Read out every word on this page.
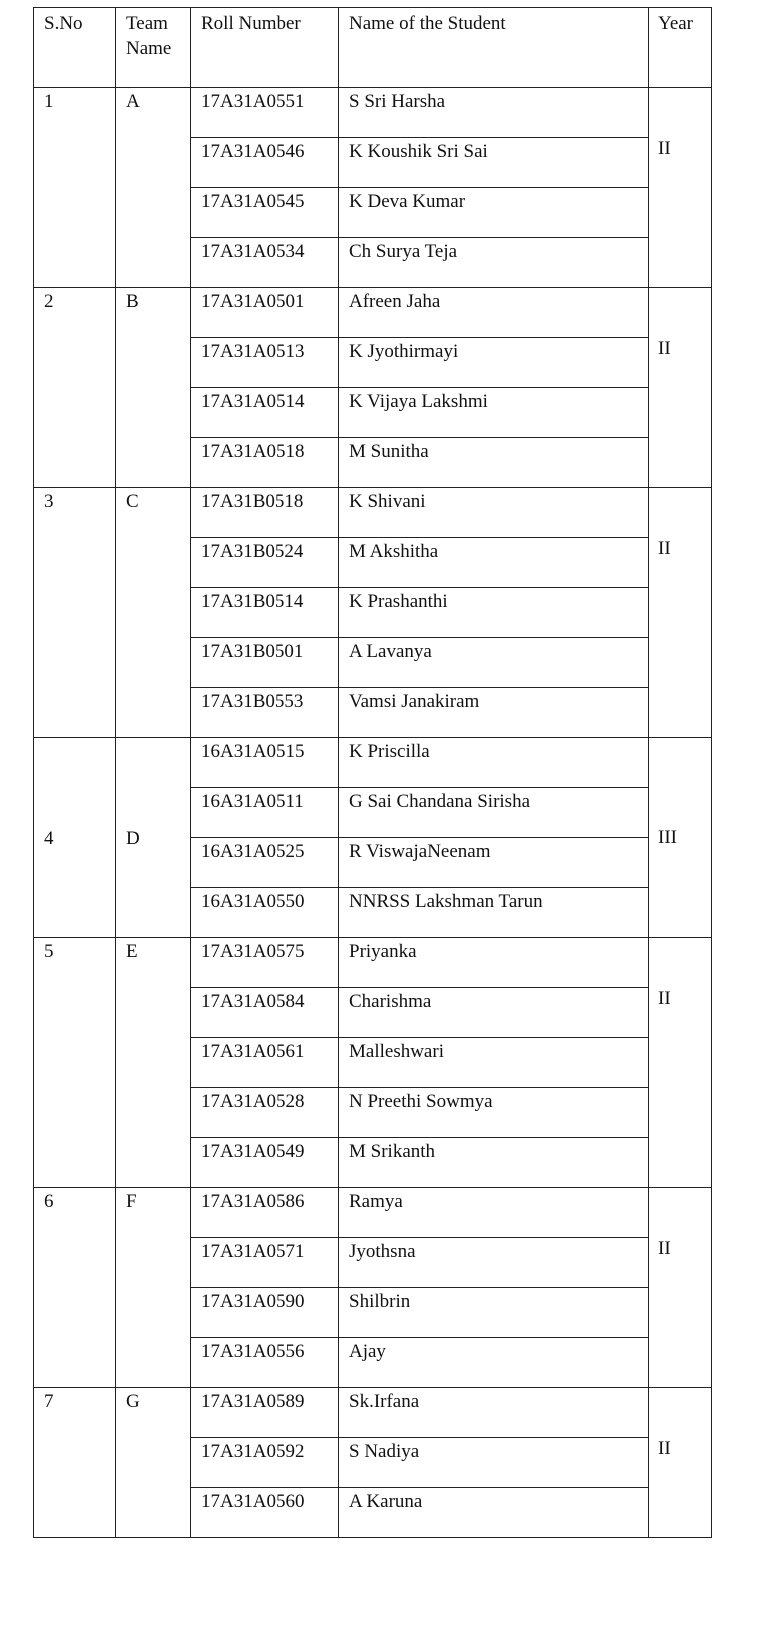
S.No	Team Name	Roll Number	Name of the Student	Year
1	A	17A31A0551	S Sri Harsha	II
		17A31A0546	K Koushik Sri Sai	
		17A31A0545	K Deva Kumar	
		17A31A0534	Ch Surya Teja	
2	B	17A31A0501	Afreen Jaha	II
		17A31A0513	K Jyothirmayi	
		17A31A0514	K Vijaya Lakshmi	
		17A31A0518	M Sunitha	
3	C	17A31B0518	K Shivani	II
		17A31B0524	M Akshitha	
		17A31B0514	K Prashanthi	
		17A31B0501	A Lavanya	
		17A31B0553	Vamsi Janakiram	
4	D	16A31A0515	K Priscilla	III
		16A31A0511	G Sai Chandana Sirisha	
		16A31A0525	R ViswajaNeenam	
		16A31A0550	NNRSS Lakshman Tarun	
5	E	17A31A0575	Priyanka	II
		17A31A0584	Charishma	
		17A31A0561	Malleshwari	
		17A31A0528	N Preethi Sowmya	
		17A31A0549	M Srikanth	
6	F	17A31A0586	Ramya	II
		17A31A0571	Jyothsna	
		17A31A0590	Shilbrin	
		17A31A0556	Ajay	
7	G	17A31A0589	Sk.Irfana	II
		17A31A0592	S Nadiya	
		17A31A0560	A Karuna	
